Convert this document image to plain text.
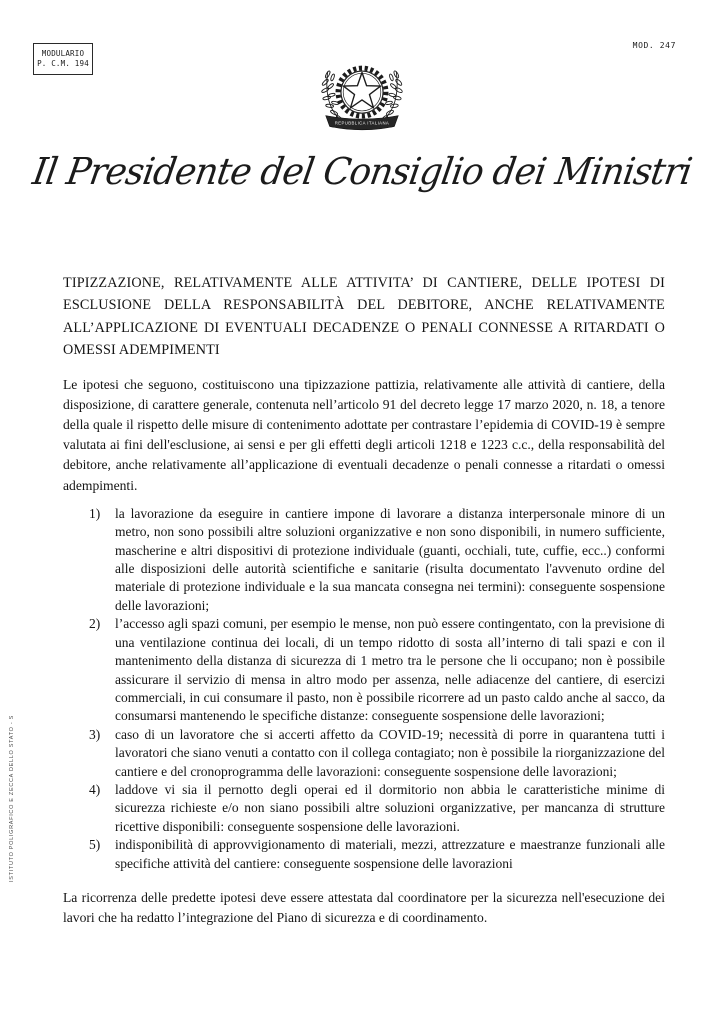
MODULARIO
P. C.M. 194
MOD. 247
REPUBBLICA ITALIANA
Il Presidente del Consiglio dei Ministri
TIPIZZAZIONE, RELATIVAMENTE ALLE ATTIVITA’ DI CANTIERE, DELLE IPOTESI DI ESCLUSIONE DELLA RESPONSABILITÀ DEL DEBITORE, ANCHE RELATIVAMENTE ALL’APPLICAZIONE DI EVENTUALI DECADENZE O PENALI CONNESSE A RITARDATI O OMESSI ADEMPIMENTI

Le ipotesi che seguono, costituiscono una tipizzazione pattizia, relativamente alle attività di cantiere, della disposizione, di carattere generale, contenuta nell’articolo 91 del decreto legge 17 marzo 2020, n. 18, a tenore della quale il rispetto delle misure di contenimento adottate per contrastare l’epidemia di COVID-19 è sempre valutata ai fini dell'esclusione, ai sensi e per gli effetti degli articoli 1218 e 1223 c.c., della responsabilità del debitore, anche relativamente all’applicazione di eventuali decadenze o penali connesse a ritardati o omessi adempimenti.

1)	la lavorazione da eseguire in cantiere impone di lavorare a distanza interpersonale minore di un metro, non sono possibili altre soluzioni organizzative e non sono disponibili, in numero sufficiente, mascherine e altri dispositivi di protezione individuale (guanti, occhiali, tute, cuffie, ecc..) conformi alle disposizioni delle autorità scientifiche e sanitarie (risulta documentato l'avvenuto ordine del materiale di protezione individuale e la sua mancata consegna nei termini): conseguente sospensione delle lavorazioni;
2)	l’accesso agli spazi comuni, per esempio le mense, non può essere contingentato, con la previsione di una ventilazione continua dei locali, di un tempo ridotto di sosta all’interno di tali spazi e con il mantenimento della distanza di sicurezza di 1 metro tra le persone che li occupano; non è possibile assicurare il servizio di mensa in altro modo per assenza, nelle adiacenze del cantiere, di esercizi commerciali, in cui consumare il pasto, non è possibile ricorrere ad un pasto caldo anche al sacco, da consumarsi mantenendo le specifiche distanze: conseguente sospensione delle lavorazioni;
3)	caso di un lavoratore che si accerti affetto da COVID-19; necessità di porre in quarantena tutti i lavoratori che siano venuti a contatto con il collega contagiato; non è possibile la riorganizzazione del cantiere e del cronoprogramma delle lavorazioni: conseguente sospensione delle lavorazioni;
4)	laddove vi sia il pernotto degli operai ed il dormitorio non abbia le caratteristiche minime di sicurezza richieste e/o non siano possibili altre soluzioni organizzative, per mancanza di strutture ricettive disponibili: conseguente sospensione delle lavorazioni.
5)	indisponibilità di approvvigionamento di materiali, mezzi, attrezzature e maestranze funzionali alle specifiche attività del cantiere: conseguente sospensione delle lavorazioni

La ricorrenza delle predette ipotesi deve essere attestata dal coordinatore per la sicurezza nell'esecuzione dei lavori che ha redatto l’integrazione del Piano di sicurezza e di coordinamento.

ISTITUTO POLIGRAFICO E ZECCA DELLO STATO - S
